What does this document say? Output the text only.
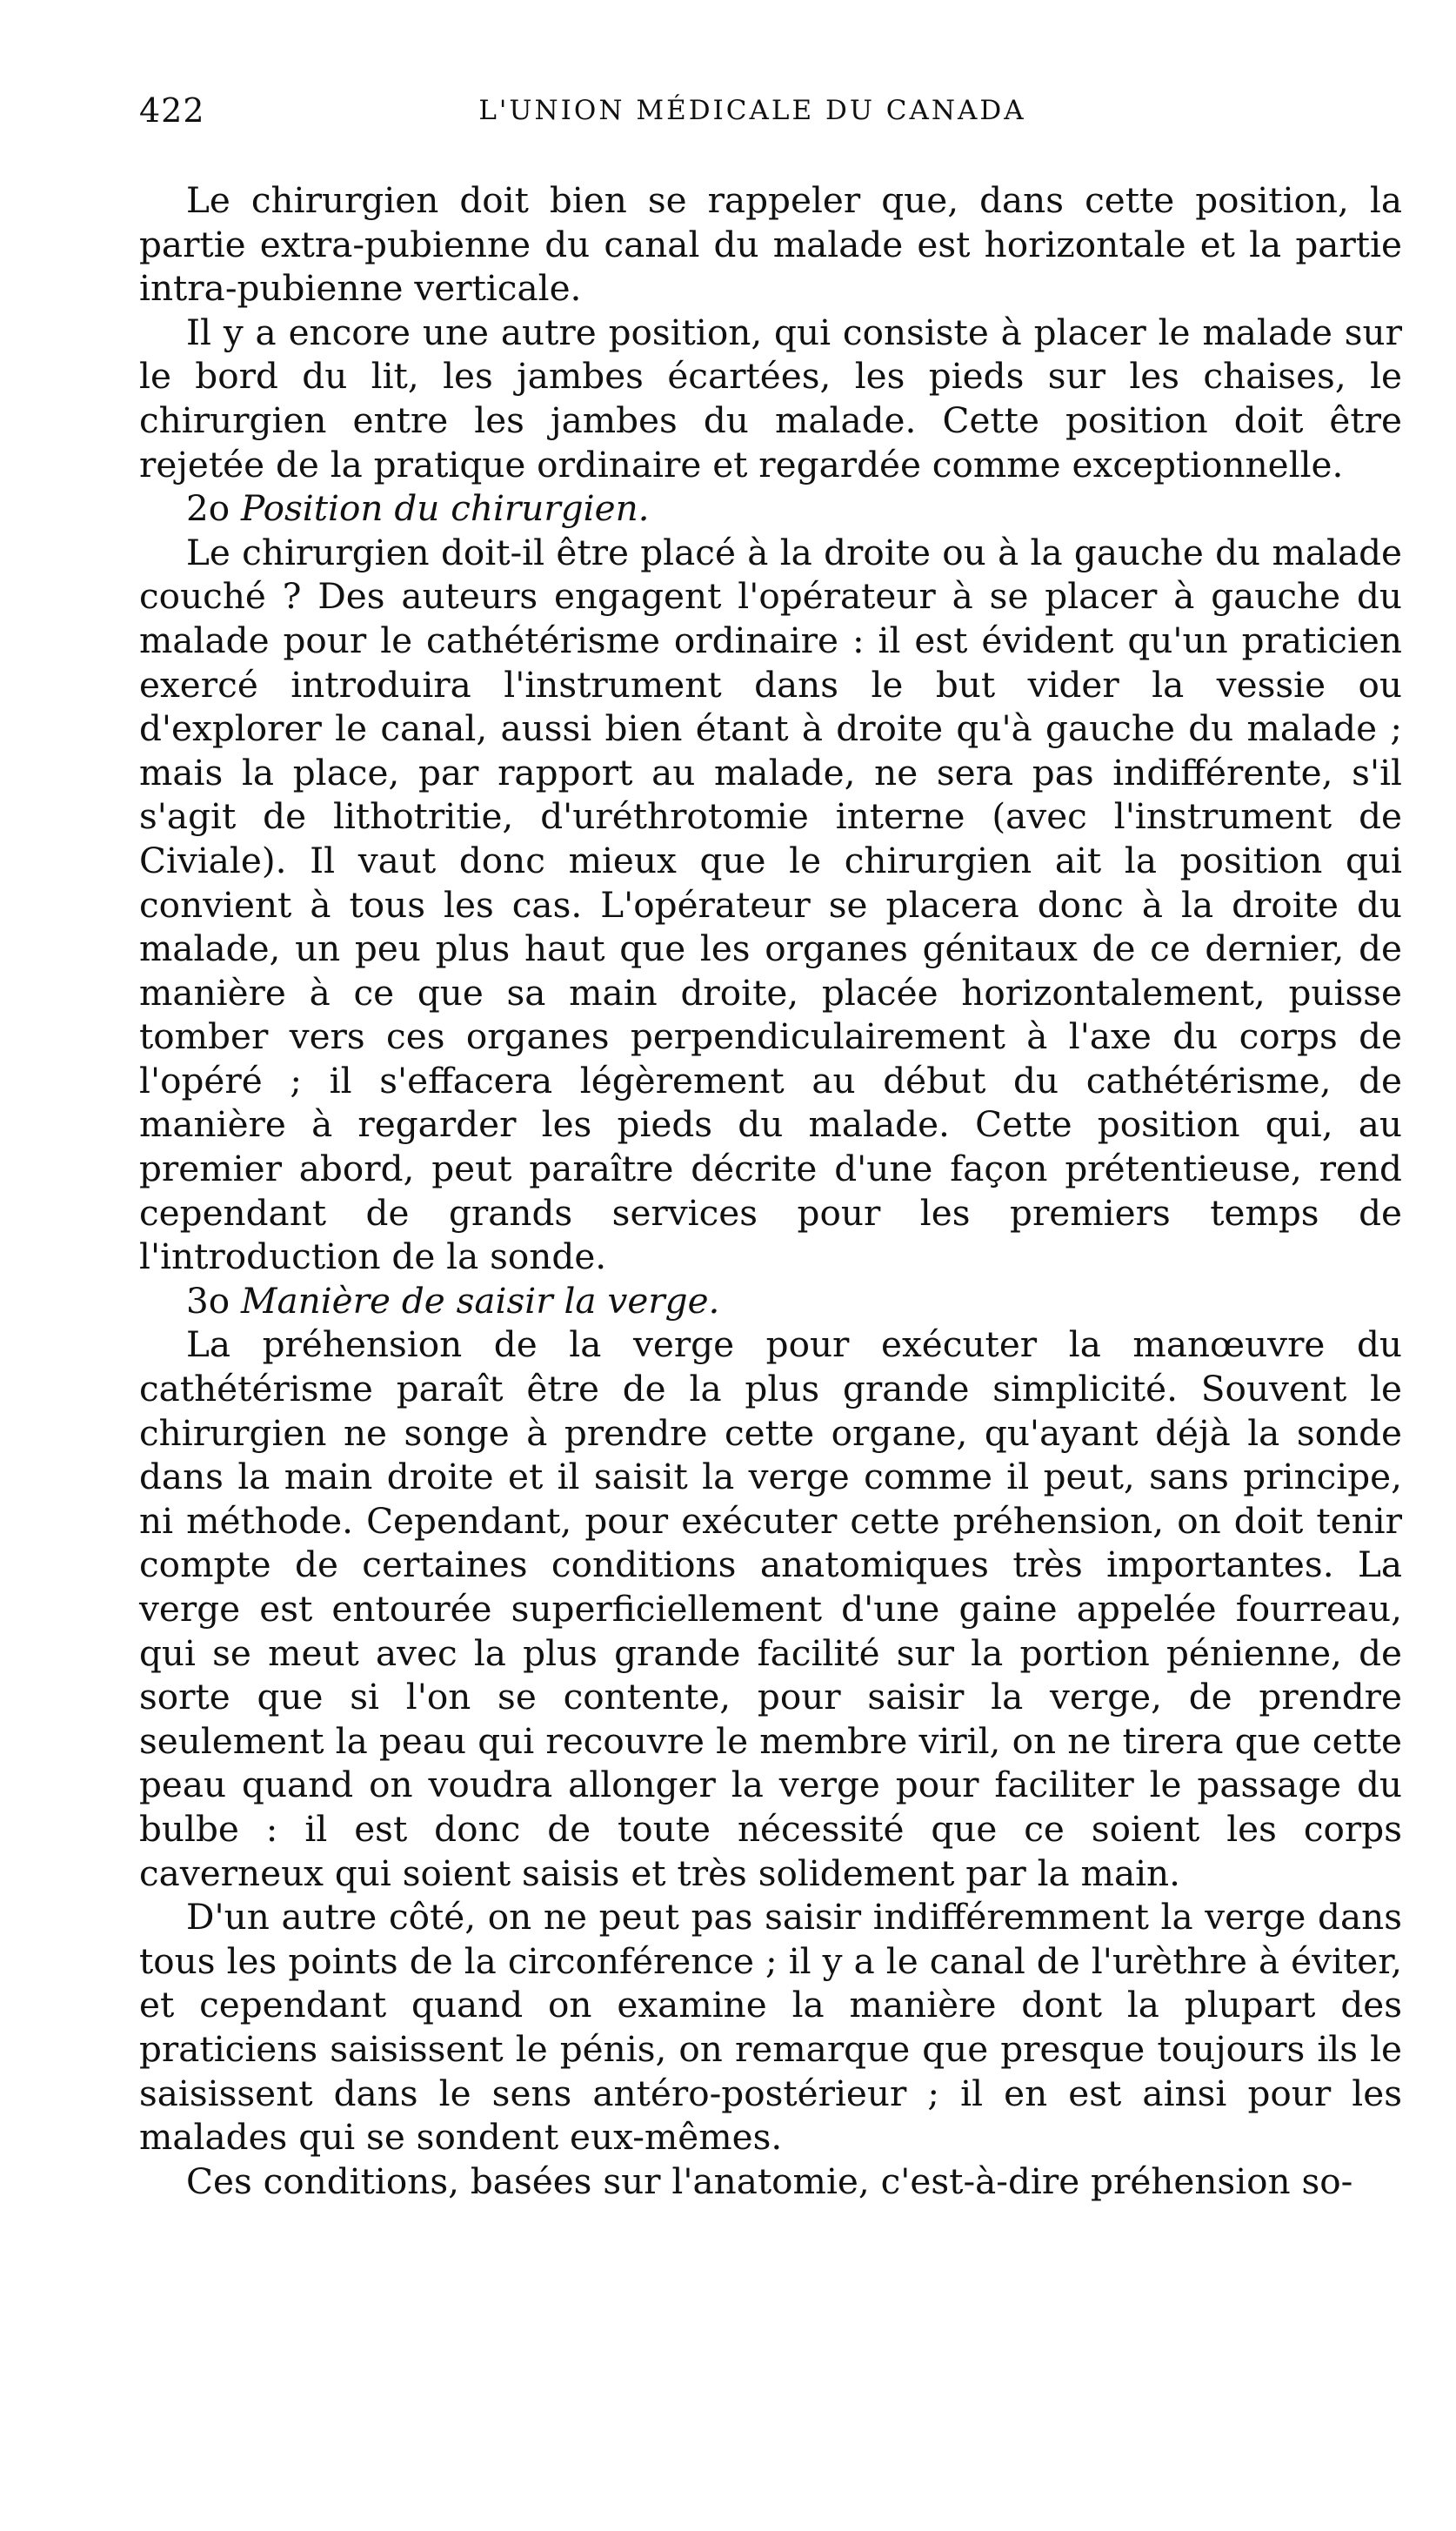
422	L'UNION MÉDICALE DU CANADA

Le chirurgien doit bien se rappeler que, dans cette position, la partie extra-pubienne du canal du malade est horizontale et la partie intra-pubienne verticale.

Il y a encore une autre position, qui consiste à placer le malade sur le bord du lit, les jambes écartées, les pieds sur les chaises, le chirurgien entre les jambes du malade. Cette position doit être rejetée de la pratique ordinaire et regardée comme exceptionnelle.

2o Position du chirurgien.

Le chirurgien doit-il être placé à la droite ou à la gauche du malade couché ? Des auteurs engagent l'opérateur à se placer à gauche du malade pour le cathétérisme ordinaire : il est évident qu'un praticien exercé introduira l'instrument dans le but vider la vessie ou d'explorer le canal, aussi bien étant à droite qu'à gauche du malade ; mais la place, par rapport au malade, ne sera pas indifférente, s'il s'agit de lithotritie, d'uréthrotomie interne (avec l'instrument de Civiale). Il vaut donc mieux que le chirurgien ait la position qui convient à tous les cas. L'opérateur se placera donc à la droite du malade, un peu plus haut que les organes génitaux de ce dernier, de manière à ce que sa main droite, placée horizontalement, puisse tomber vers ces organes perpendiculairement à l'axe du corps de l'opéré ; il s'effacera légèrement au début du cathétérisme, de manière à regarder les pieds du malade. Cette position qui, au premier abord, peut paraître décrite d'une façon prétentieuse, rend cependant de grands services pour les premiers temps de l'introduction de la sonde.

3o Manière de saisir la verge.

La préhension de la verge pour exécuter la manœuvre du cathétérisme paraît être de la plus grande simplicité. Souvent le chirurgien ne songe à prendre cette organe, qu'ayant déjà la sonde dans la main droite et il saisit la verge comme il peut, sans principe, ni méthode. Cependant, pour exécuter cette préhension, on doit tenir compte de certaines conditions anatomiques très importantes. La verge est entourée superficiellement d'une gaine appelée fourreau, qui se meut avec la plus grande facilité sur la portion pénienne, de sorte que si l'on se contente, pour saisir la verge, de prendre seulement la peau qui recouvre le membre viril, on ne tirera que cette peau quand on voudra allonger la verge pour faciliter le passage du bulbe : il est donc de toute nécessité que ce soient les corps caverneux qui soient saisis et très solidement par la main.

D'un autre côté, on ne peut pas saisir indifféremment la verge dans tous les points de la circonférence ; il y a le canal de l'urèthre à éviter, et cependant quand on examine la manière dont la plupart des praticiens saisissent le pénis, on remarque que presque toujours ils le saisissent dans le sens antéro-postérieur ; il en est ainsi pour les malades qui se sondent eux-mêmes.

Ces conditions, basées sur l'anatomie, c'est-à-dire préhension so-
